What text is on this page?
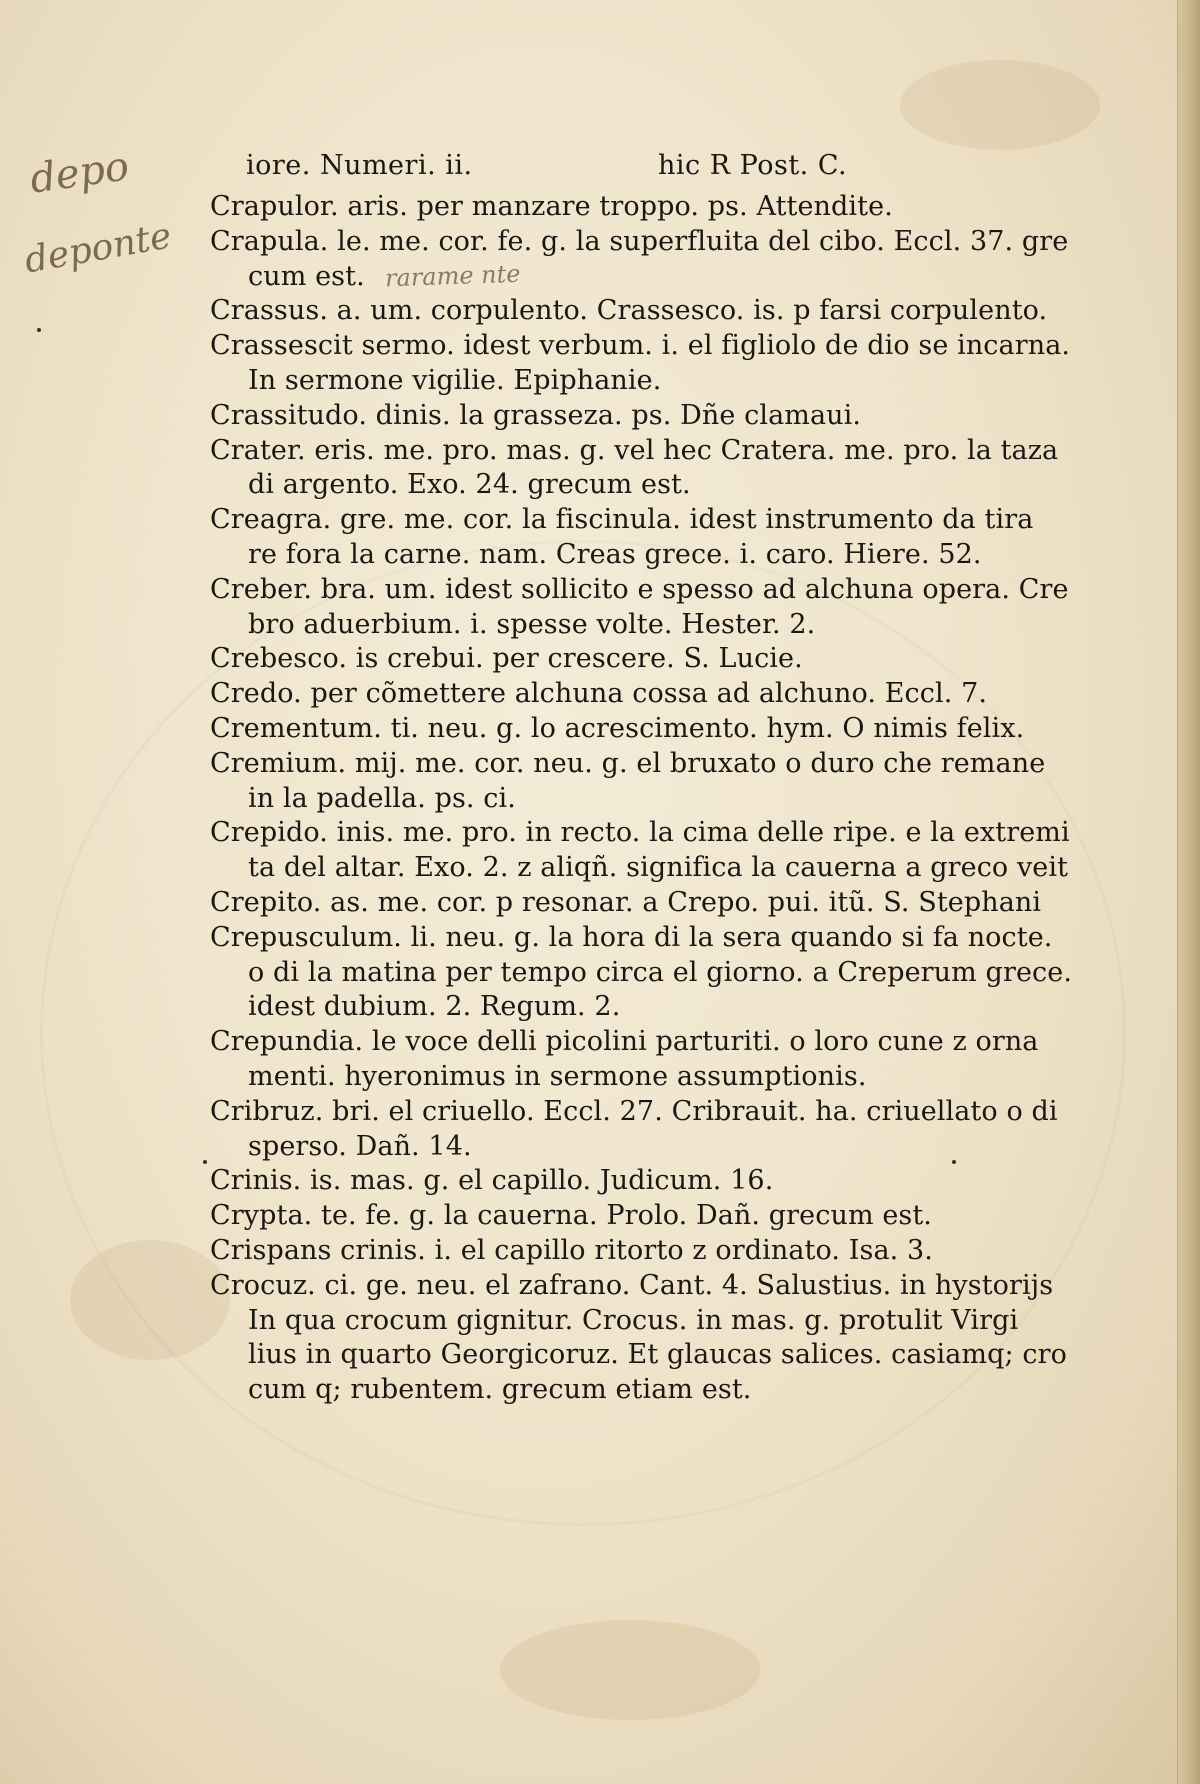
depo
deponte	rarame nte
iore. Numeri. ii.	hic R Post. C.
Crapulor. aris. per manzare troppo. ps. Attendite.
Crapula. le. me. cor. fe. g. la superfluita del cibo. Eccl. 37. gre
cum est.
Crassus. a. um. corpulento. Crassesco. is. p farsi corpulento.
Crassescit sermo. idest verbum. i. el figliolo de dio se incarna.
In sermone vigilie. Epiphanie.
Crassitudo. dinis. la grasseza. ps. Dñe clamaui.
Crater. eris. me. pro. mas. g. vel hec Cratera. me. pro. la taza
di argento. Exo. 24. grecum est.
Creagra. gre. me. cor. la fiscinula. idest instrumento da tira
re fora la carne. nam. Creas grece. i. caro. Hiere. 52.
Creber. bra. um. idest sollicito e spesso ad alchuna opera. Cre
bro aduerbium. i. spesse volte. Hester. 2.
Crebesco. is crebui. per crescere. S. Lucie.
Credo. per cõmettere alchuna cossa ad alchuno. Eccl. 7.
Crementum. ti. neu. g. lo acrescimento. hym. O nimis felix.
Cremium. mij. me. cor. neu. g. el bruxato o duro che remane
in la padella. ps. ci.
Crepido. inis. me. pro. in recto. la cima delle ripe. e la extremi
ta del altar. Exo. 2. z aliqñ. significa la cauerna a greco veit
Crepito. as. me. cor. p resonar. a Crepo. pui. itũ. S. Stephani
Crepusculum. li. neu. g. la hora di la sera quando si fa nocte.
o di la matina per tempo circa el giorno. a Creperum grece.
idest dubium. 2. Regum. 2.
Crepundia. le voce delli picolini parturiti. o loro cune z orna
menti. hyeronimus in sermone assumptionis.
Cribruz. bri. el criuello. Eccl. 27. Cribrauit. ha. criuellato o di
sperso. Dañ. 14.
Crinis. is. mas. g. el capillo. Judicum. 16.
Crypta. te. fe. g. la cauerna. Prolo. Dañ. grecum est.
Crispans crinis. i. el capillo ritorto z ordinato. Isa. 3.
Crocuz. ci. ge. neu. el zafrano. Cant. 4. Salustius. in hystorijs
In qua crocum gignitur. Crocus. in mas. g. protulit Virgi
lius in quarto Georgicoruz. Et glaucas salices. casiamq; cro
cum q; rubentem. grecum etiam est.
